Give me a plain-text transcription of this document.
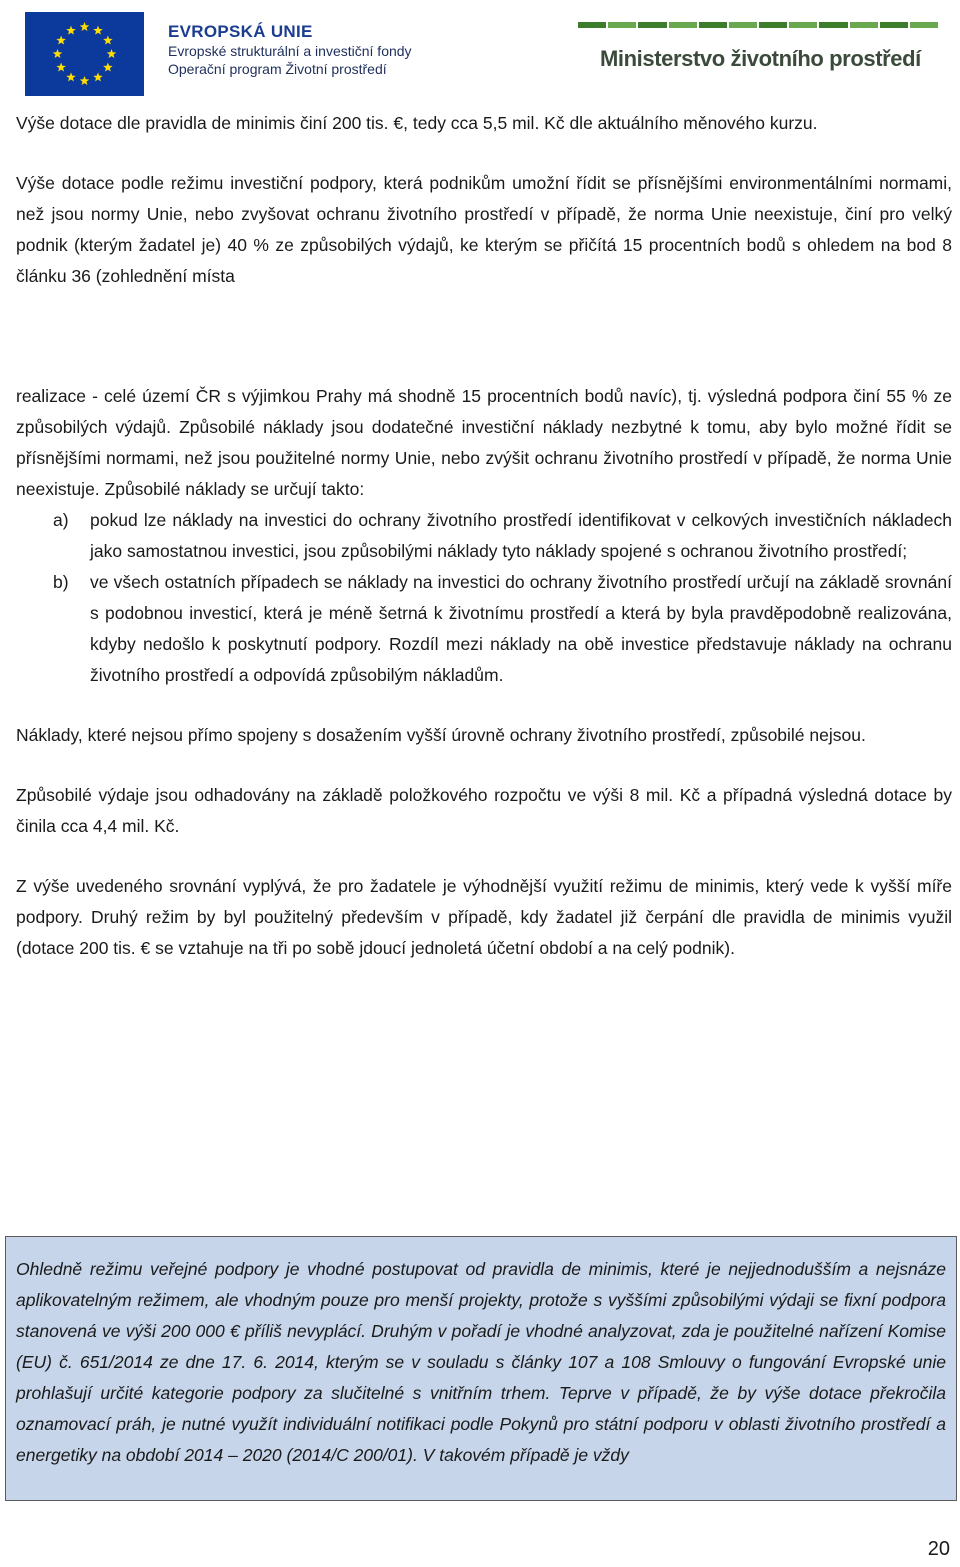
EVROPSKÁ UNIE
Evropské strukturální a investiční fondy
Operační program Životní prostředí	Ministerstvo životního prostředí

Výše dotace dle pravidla de minimis činí 200 tis. €, tedy cca 5,5 mil. Kč dle aktuálního měnového kurzu.

Výše dotace podle režimu investiční podpory, která podnikům umožní řídit se přísnějšími environmentálními normami, než jsou normy Unie, nebo zvyšovat ochranu životního prostředí v případě, že norma Unie neexistuje, činí pro velký podnik (kterým žadatel je) 40 % ze způsobilých výdajů, ke kterým se přičítá 15 procentních bodů s ohledem na bod 8 článku 36 (zohlednění místa

realizace - celé území ČR s výjimkou Prahy má shodně 15 procentních bodů navíc), tj. výsledná podpora činí 55 % ze způsobilých výdajů. Způsobilé náklady jsou dodatečné investiční náklady nezbytné k tomu, aby bylo možné řídit se přísnějšími normami, než jsou použitelné normy Unie, nebo zvýšit ochranu životního prostředí v případě, že norma Unie neexistuje. Způsobilé náklady se určují takto:

a)	pokud lze náklady na investici do ochrany životního prostředí identifikovat v celkových investičních nákladech jako samostatnou investici, jsou způsobilými náklady tyto náklady spojené s ochranou životního prostředí;
b)	ve všech ostatních případech se náklady na investici do ochrany životního prostředí určují na základě srovnání s podobnou investicí, která je méně šetrná k životnímu prostředí a která by byla pravděpodobně realizována, kdyby nedošlo k poskytnutí podpory. Rozdíl mezi náklady na obě investice představuje náklady na ochranu životního prostředí a odpovídá způsobilým nákladům.

Náklady, které nejsou přímo spojeny s dosažením vyšší úrovně ochrany životního prostředí, způsobilé nejsou.

Způsobilé výdaje jsou odhadovány na základě položkového rozpočtu ve výši 8 mil. Kč a případná výsledná dotace by činila cca 4,4 mil. Kč.

Z výše uvedeného srovnání vyplývá, že pro žadatele je výhodnější využití režimu de minimis, který vede k vyšší míře podpory. Druhý režim by byl použitelný především v případě, kdy žadatel již čerpání dle pravidla de minimis využil (dotace 200 tis. € se vztahuje na tři po sobě jdoucí jednoletá účetní období a na celý podnik).

Ohledně režimu veřejné podpory je vhodné postupovat od pravidla de minimis, které je nejjednodušším a nejsnáze aplikovatelným režimem, ale vhodným pouze pro menší projekty, protože s vyššími způsobilými výdaji se fixní podpora stanovená ve výši 200 000 € příliš nevyplácí. Druhým v pořadí je vhodné analyzovat, zda je použitelné nařízení Komise (EU) č. 651/2014 ze dne 17. 6. 2014, kterým se v souladu s články 107 a 108 Smlouvy o fungování Evropské unie prohlašují určité kategorie podpory za slučitelné s vnitřním trhem. Teprve v případě, že by výše dotace překročila oznamovací práh, je nutné využít individuální notifikaci podle Pokynů pro státní podporu v oblasti životního prostředí a energetiky na období 2014 – 2020 (2014/C 200/01). V takovém případě je vždy
20
